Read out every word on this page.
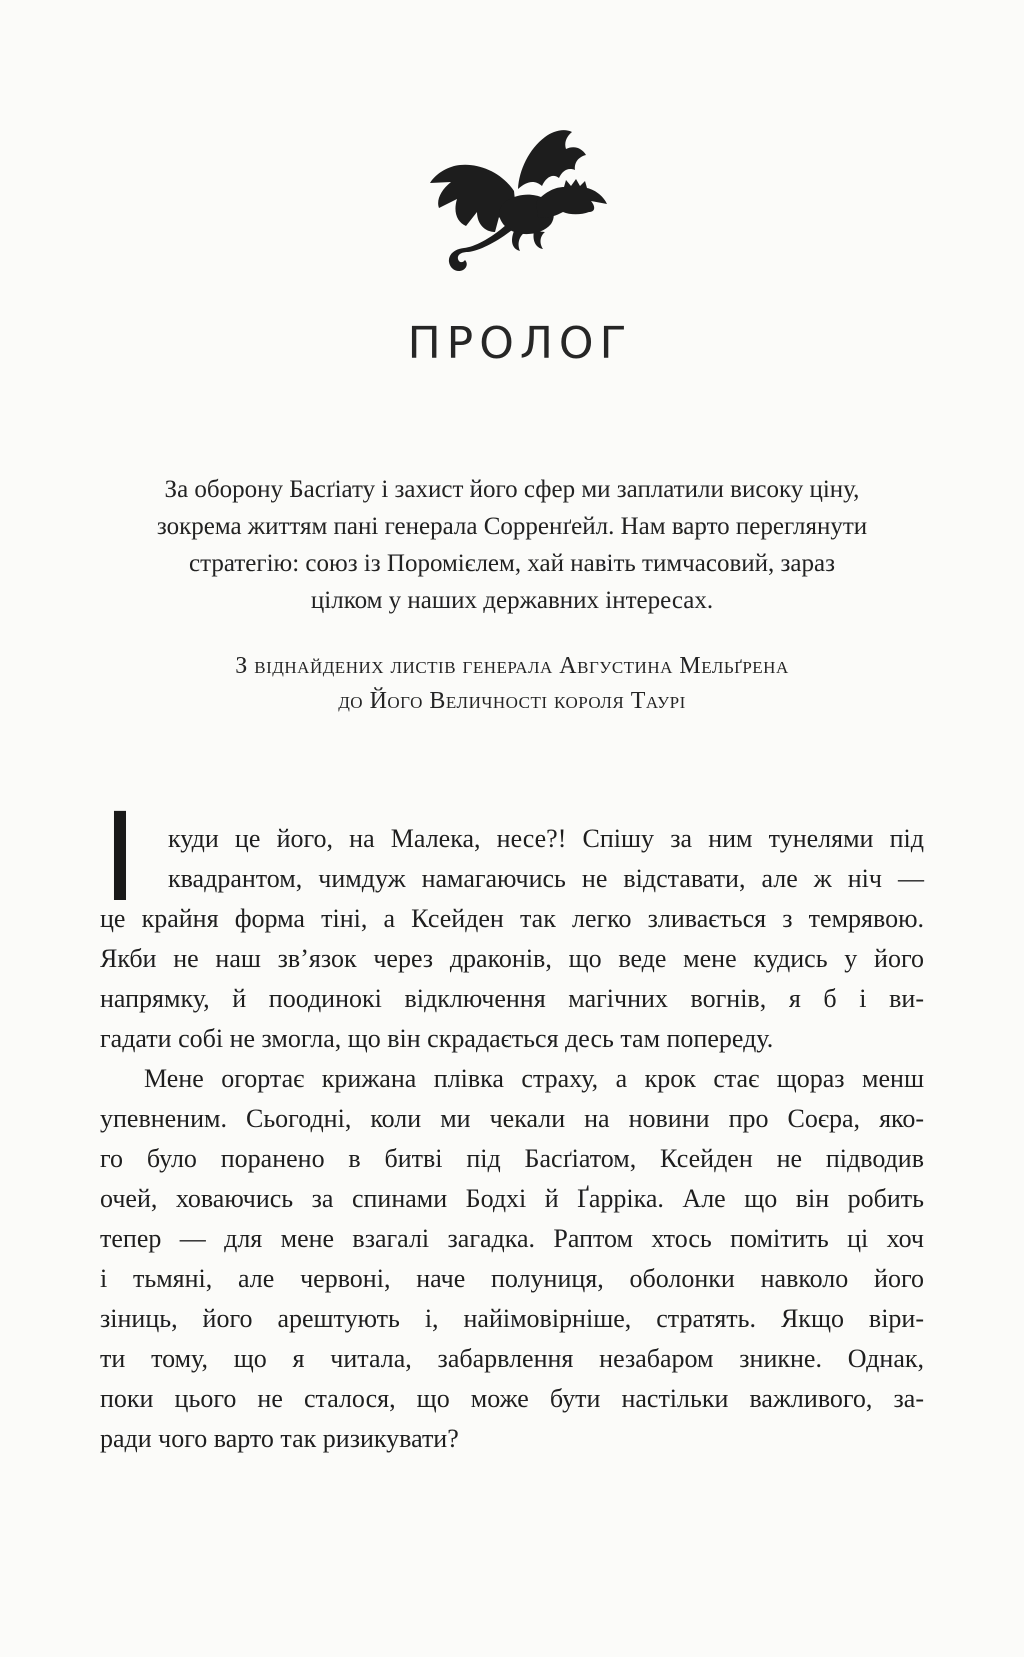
ПРОЛОГ
За оборону Басґіату і захист його сфер ми заплатили високу ціну,
зокрема життям пані генерала Сорренґейл. Нам варто переглянути
стратегію: союз із Поромієлем, хай навіть тимчасовий, зараз
цілком у наших державних інтересах.
З віднайдених листів генерала Августина Мельґрена
до Його Величності короля Таурі
І	куди це його, на Малека, несе?! Спішу за ним тунелями під
квадрантом, чимдуж намагаючись не відставати, але ж ніч —
це крайня форма тіні, а Ксейден так легко зливається з темрявою.
Якби не наш зв’язок через драконів, що веде мене кудись у його
напрямку, й поодинокі відключення магічних вогнів, я б і ви-
гадати собі не змогла, що він скрадається десь там попереду.
Мене огортає крижана плівка страху, а крок стає щораз менш
упевненим. Сьогодні, коли ми чекали на новини про Соєра, яко-
го було поранено в битві під Басґіатом, Ксейден не підводив
очей, ховаючись за спинами Бодхі й Ґарріка. Але що він робить
тепер — для мене взагалі загадка. Раптом хтось помітить ці хоч
і тьмяні, але червоні, наче полуниця, оболонки навколо його
зіниць, його арештують і, найімовірніше, стратять. Якщо віри-
ти тому, що я читала, забарвлення незабаром зникне. Однак,
поки цього не сталося, що може бути настільки важливого, за-
ради чого варто так ризикувати?
